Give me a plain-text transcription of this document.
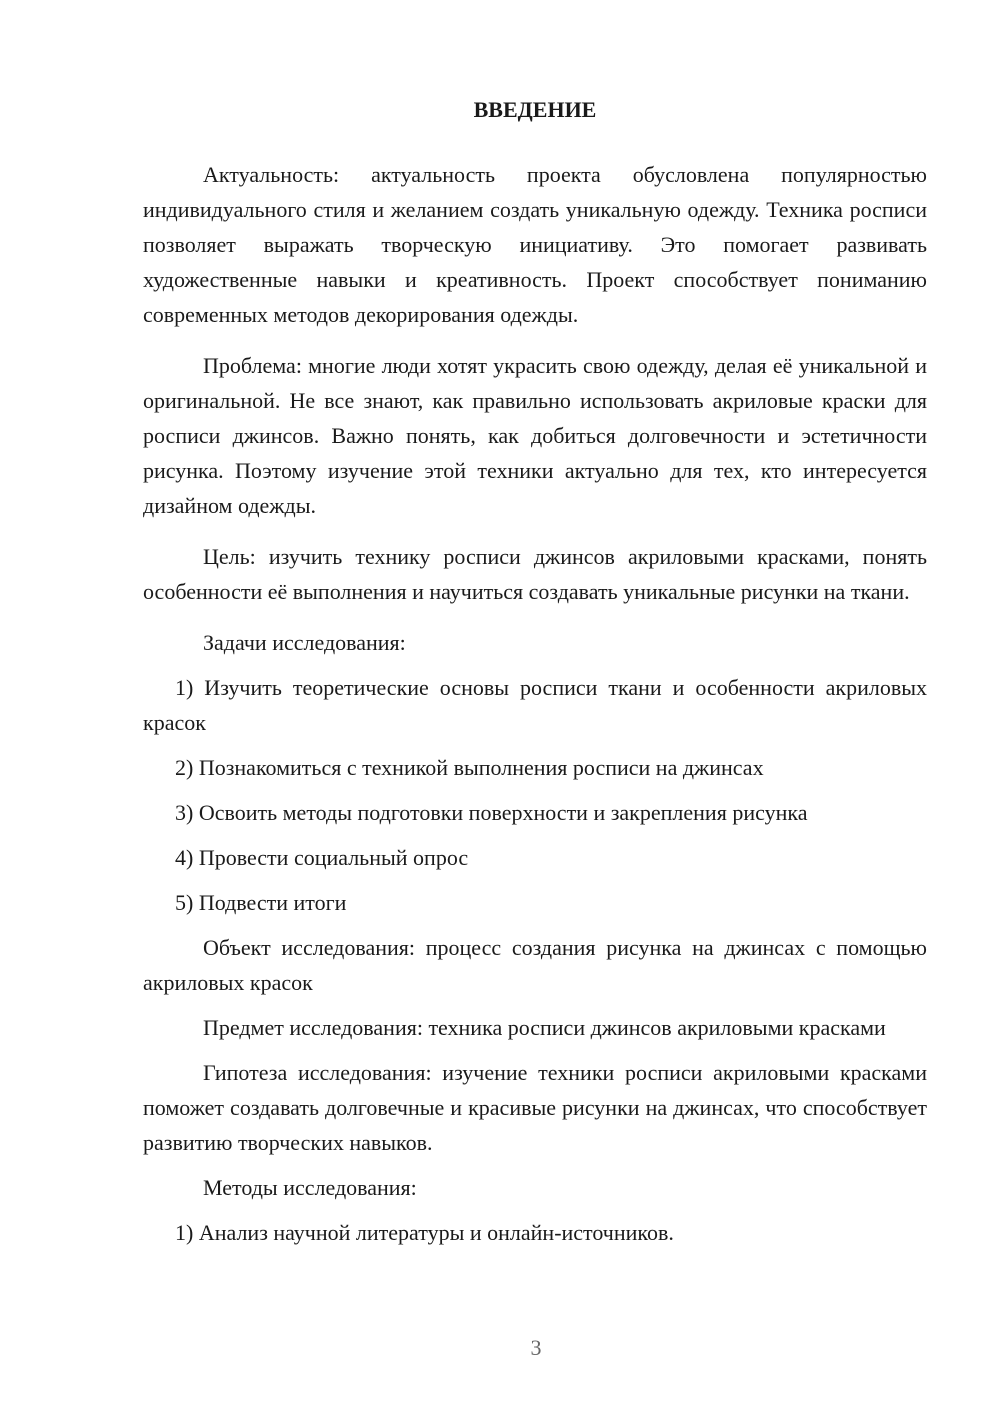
ВВЕДЕНИЕ

Актуальность: актуальность проекта обусловлена популярностью индивидуального стиля и желанием создать уникальную одежду. Техника росписи позволяет выражать творческую инициативу. Это помогает развивать художественные навыки и креативность. Проект способствует пониманию современных методов декорирования одежды.

Проблема: многие люди хотят украсить свою одежду, делая её уникальной и оригинальной. Не все знают, как правильно использовать акриловые краски для росписи джинсов. Важно понять, как добиться долговечности и эстетичности рисунка. Поэтому изучение этой техники актуально для тех, кто интересуется дизайном одежды.

Цель: изучить технику росписи джинсов акриловыми красками, понять особенности её выполнения и научиться создавать уникальные рисунки на ткани.

Задачи исследования:

1) Изучить теоретические основы росписи ткани и особенности акриловых красок

2) Познакомиться с техникой выполнения росписи на джинсах

3) Освоить методы подготовки поверхности и закрепления рисунка

4) Провести социальный опрос

5) Подвести итоги

Объект исследования: процесс создания рисунка на джинсах с помощью акриловых красок

Предмет исследования: техника росписи джинсов акриловыми красками

Гипотеза исследования: изучение техники росписи акриловыми красками поможет создавать долговечные и красивые рисунки на джинсах, что способствует развитию творческих навыков.

Методы исследования:

1) Анализ научной литературы и онлайн-источников.

3
